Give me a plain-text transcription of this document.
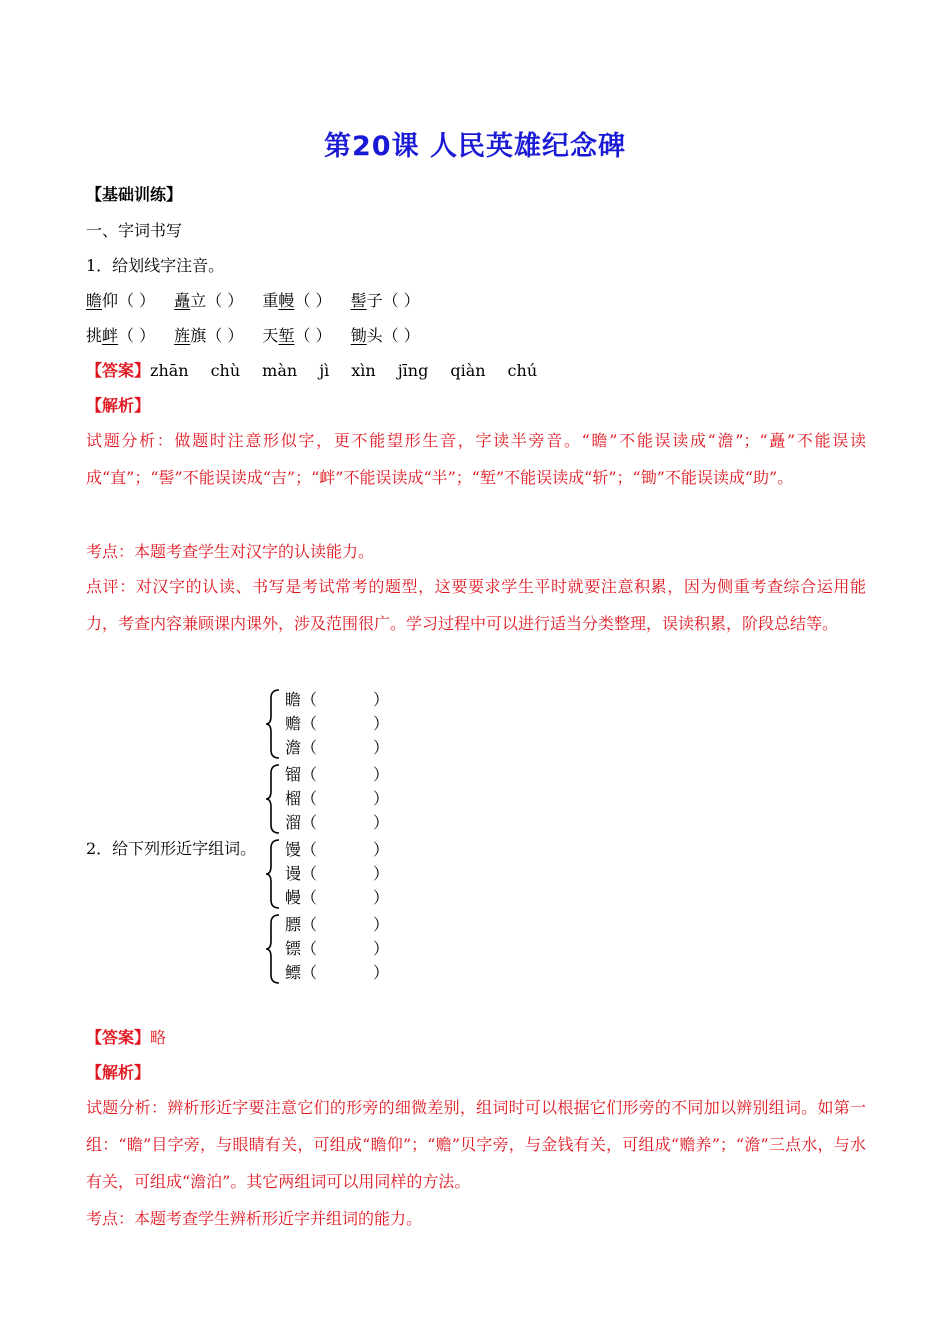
第20课 人民英雄纪念碑
【基础训练】
一、字词书写
1．给划线字注音。
瞻仰（ ） 矗立（ ） 重幔（ ） 髻子（ ）
挑衅（ ） 旌旗（ ） 天堑（ ） 锄头（ ）
【答案】zhān chù màn jì xìn jīng qiàn chú
【解析】
试题分析：做题时注意形似字，更不能望形生音，字读半旁音。“瞻”不能误读成“澹”；“矗”不能误读成“直”；“髻”不能误读成“吉”；“衅”不能误读成“半”；“堑”不能误读成“斩”；“锄”不能误读成“助”。
考点：本题考查学生对汉字的认读能力。
点评：对汉字的认读、书写是考试常考的题型，这要要求学生平时就要注意积累，因为侧重考查综合运用能力，考查内容兼顾课内课外，涉及范围很广。学习过程中可以进行适当分类整理，误读积累，阶段总结等。
2．给下列形近字组词。
瞻（	）
赡（	）
澹（	）
镏（	）
榴（	）
溜（	）
馒（	）
谩（	）
幔（	）
膘（	）
镖（	）
鳔（	）
【答案】略
【解析】
试题分析：辨析形近字要注意它们的形旁的细微差别，组词时可以根据它们形旁的不同加以辨别组词。如第一组：“瞻”目字旁，与眼睛有关，可组成“瞻仰”；“赡”贝字旁，与金钱有关，可组成“赡养”；“澹”三点水，与水有关，可组成“澹泊”。其它两组词可以用同样的方法。
考点：本题考查学生辨析形近字并组词的能力。
